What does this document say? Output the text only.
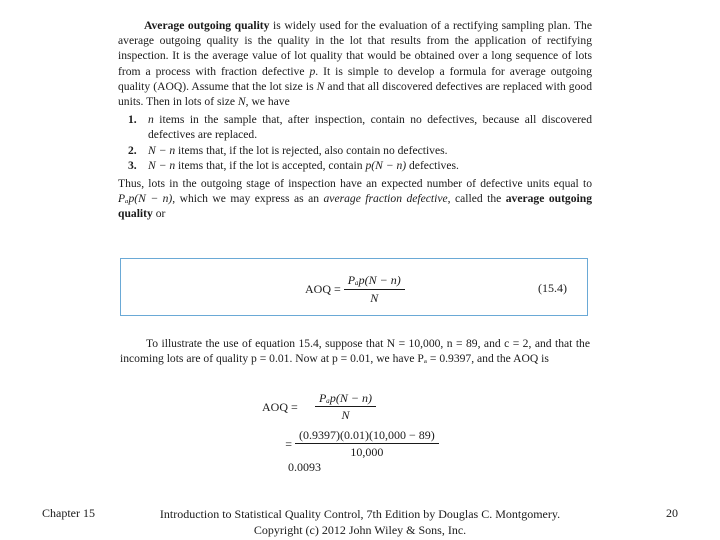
Average outgoing quality is widely used for the evaluation of a rectifying sampling plan. The average outgoing quality is the quality in the lot that results from the application of rectifying inspection. It is the average value of lot quality that would be obtained over a long sequence of lots from a process with fraction defective p. It is simple to develop a formula for average outgoing quality (AOQ). Assume that the lot size is N and that all discovered defectives are replaced with good units. Then in lots of size N, we have

1. n items in the sample that, after inspection, contain no defectives, because all discovered defectives are replaced.
2. N − n items that, if the lot is rejected, also contain no defectives.
3. N − n items that, if the lot is accepted, contain p(N − n) defectives.

Thus, lots in the outgoing stage of inspection have an expected number of defective units equal to Pₐp(N − n), which we may express as an average fraction defective, called the average outgoing quality or

AOQ = $\frac{\text{Pₐp(N − n)}}{N}$	(15.4)

To illustrate the use of equation 15.4, suppose that N = 10,000, n = 89, and c = 2, and that the incoming lots are of quality p = 0.01. Now at p = 0.01, we have Pₐ = 0.9397, and the AOQ is

AOQ =	$\frac{\text{Pₐp(N − n)}}{N}$
= $\frac{(0.9397)(0.01)(10,000 - 89)}{10,000}$
0.0093
Chapter 15	Introduction to Statistical Quality Control, 7th Edition by Douglas C. Montgomery.
Copyright (c) 2012 John Wiley & Sons, Inc.
20
